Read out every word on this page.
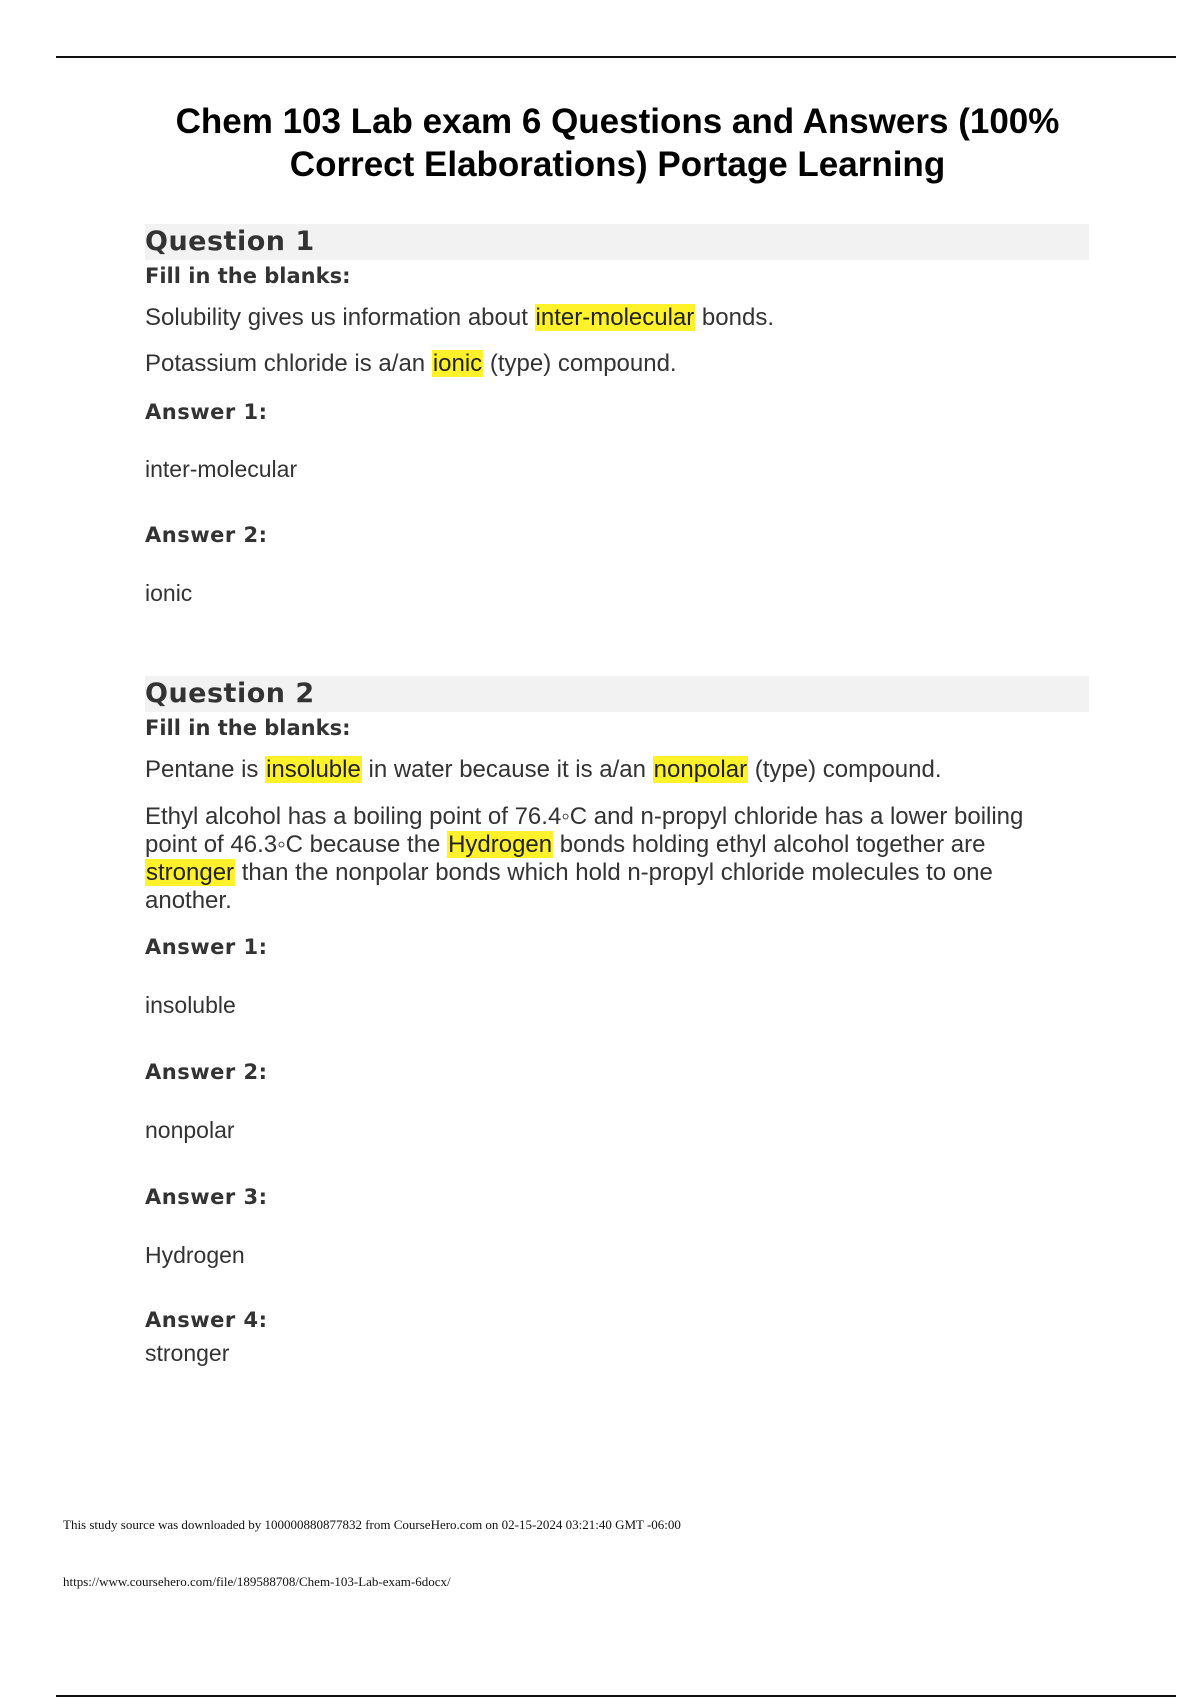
Chem 103 Lab exam 6 Questions and Answers (100% Correct Elaborations) Portage Learning
Question 1
Fill in the blanks:

Solubility gives us information about inter-molecular bonds.

Potassium chloride is a/an ionic (type) compound.

Answer 1:
inter-molecular
Answer 2:
ionic
Question 2
Fill in the blanks:

Pentane is insoluble in water because it is a/an nonpolar (type) compound.

Ethyl alcohol has a boiling point of 76.4◦C and n-propyl chloride has a lower boiling point of 46.3◦C because the Hydrogen bonds holding ethyl alcohol together are stronger than the nonpolar bonds which hold n-propyl chloride molecules to one another.

Answer 1:
insoluble
Answer 2:
nonpolar
Answer 3:
Hydrogen
Answer 4:
stronger
This study source was downloaded by 100000880877832 from CourseHero.com on 02-15-2024 03:21:40 GMT -06:00
https://www.coursehero.com/file/189588708/Chem-103-Lab-exam-6docx/
